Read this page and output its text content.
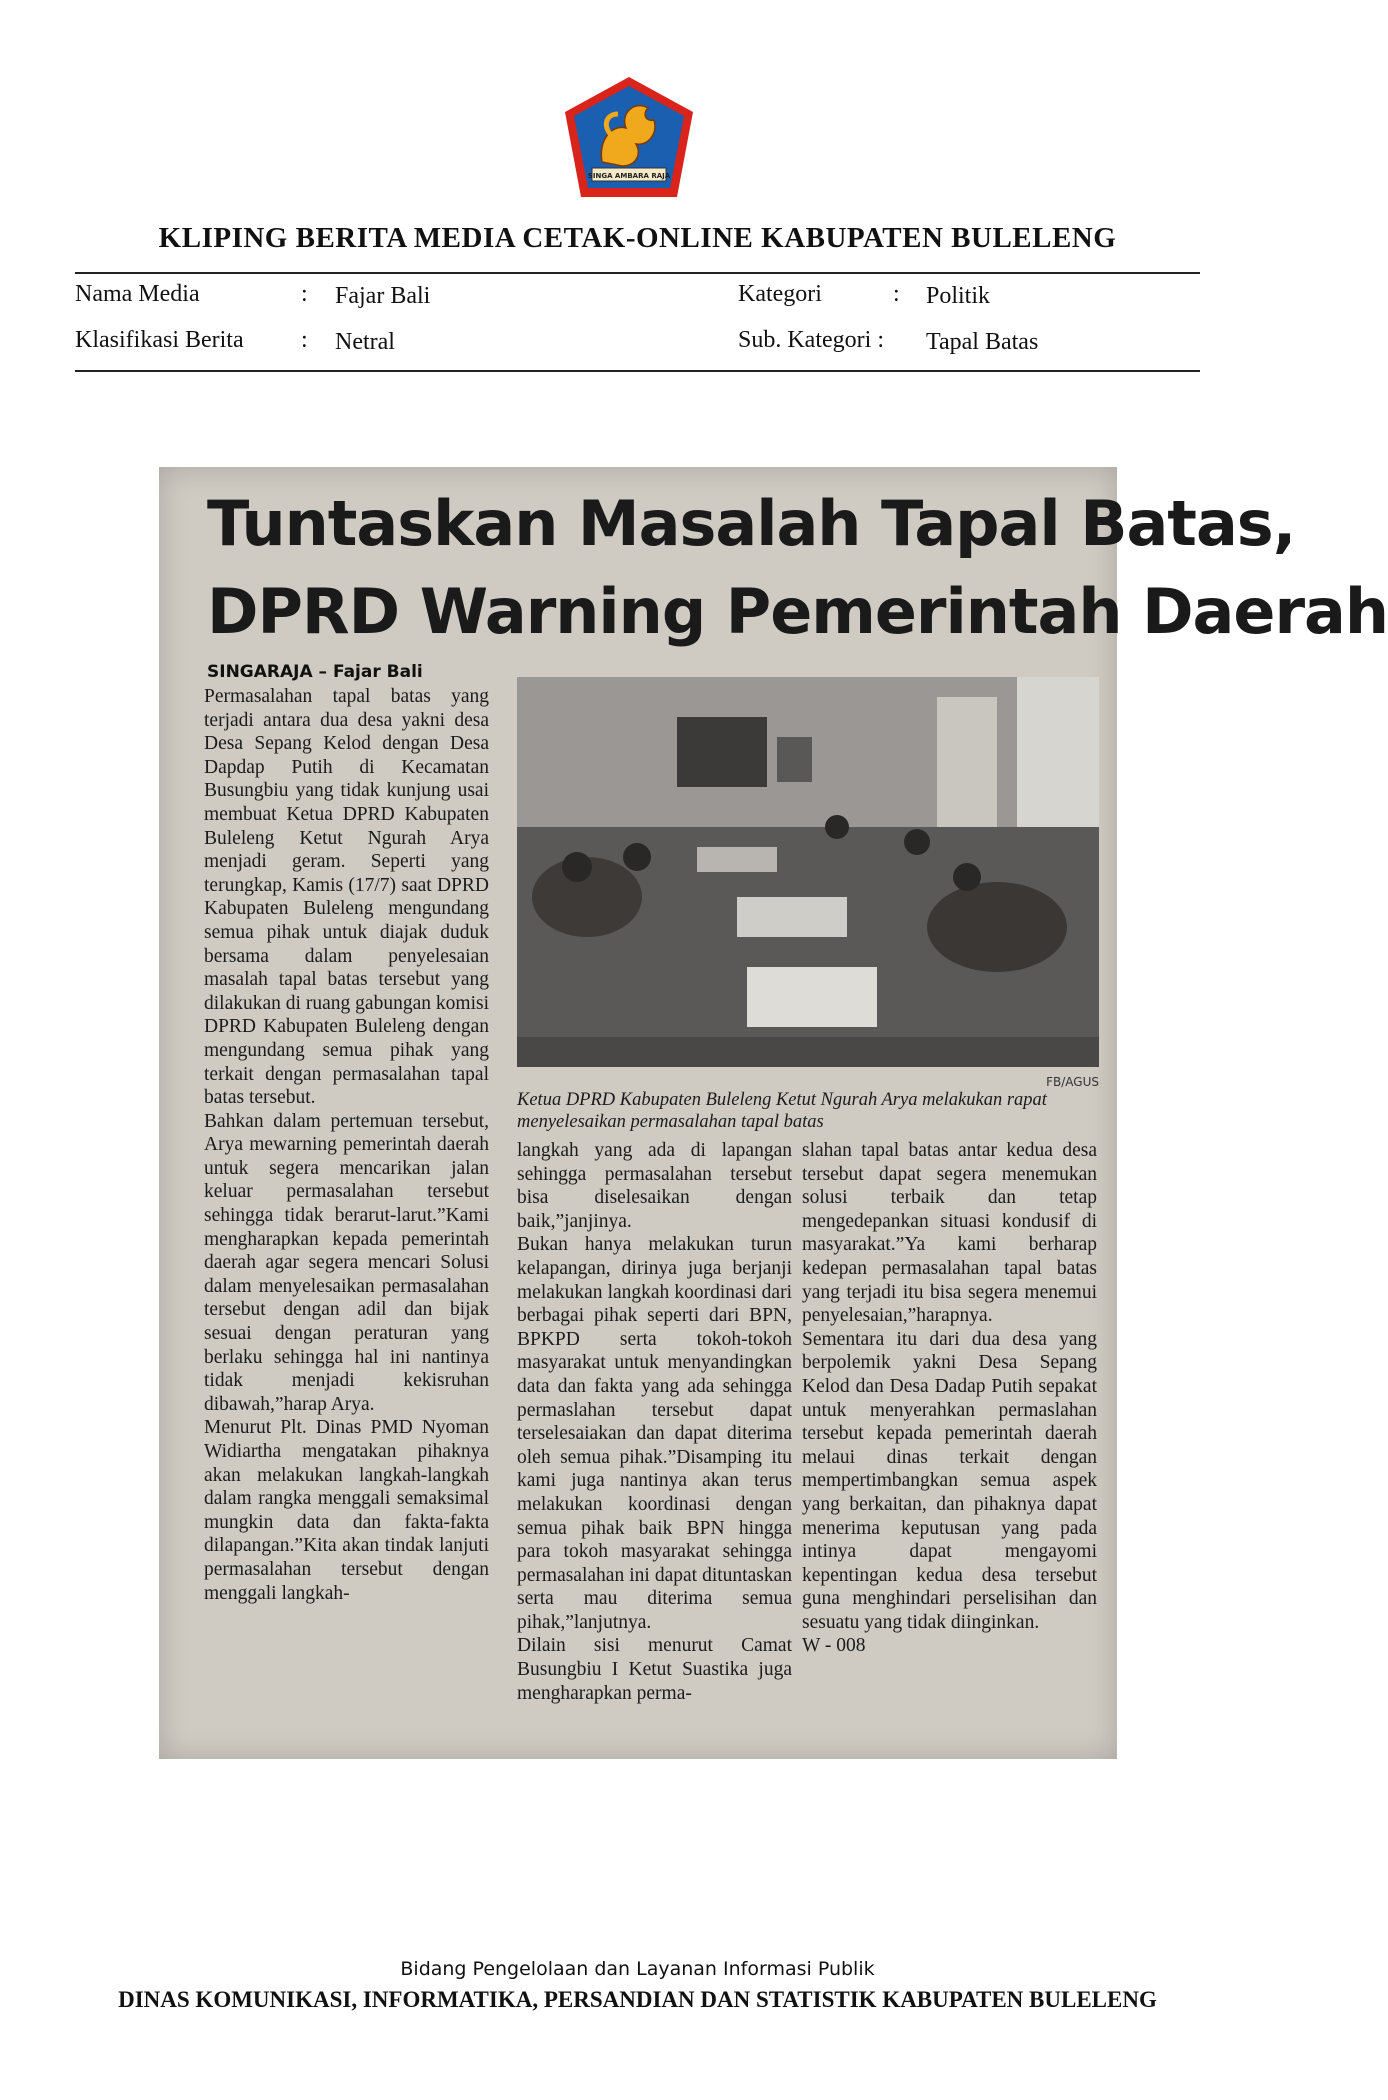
SINGA AMBARA RAJA
KLIPING BERITA MEDIA CETAK-ONLINE KABUPATEN BULELENG
Nama Media	: Fajar Bali	Kategori	: Politik
Klasifikasi Berita : Netral	Sub. Kategori : Tapal Batas
Tuntaskan Masalah Tapal Batas,
DPRD Warning Pemerintah Daerah
SINGARAJA – Fajar Bali
Permasalahan tapal batas yang terjadi antara dua desa yakni desa Desa Sepang Kelod dengan Desa Dapdap Putih di Kecamatan Busungbiu yang tidak kunjung usai membuat Ketua DPRD Kabupaten Buleleng Ketut Ngurah Arya menjadi geram. Seperti yang terungkap, Kamis (17/7) saat DPRD Kabupaten Buleleng mengundang semua pihak untuk diajak duduk bersama dalam penyelesaian masalah tapal batas tersebut yang dilakukan di ruang gabungan komisi DPRD Kabupaten Buleleng dengan mengundang semua pihak yang terkait dengan permasalahan tapal batas tersebut.
Bahkan dalam pertemuan tersebut, Arya mewarning pemerintah daerah untuk segera mencarikan jalan keluar permasalahan tersebut sehingga tidak berarut-larut.”Kami mengharapkan kepada pemerintah daerah agar segera mencari Solusi dalam menyelesaikan permasalahan tersebut dengan adil dan bijak sesuai dengan peraturan yang berlaku sehingga hal ini nantinya tidak menjadi kekisruhan dibawah,”harap Arya.
Menurut Plt. Dinas PMD Nyoman Widiartha mengatakan pihaknya akan melakukan langkah-langkah dalam rangka menggali semaksimal mungkin data dan fakta-fakta dilapangan.”Kita akan tindak lanjuti permasalahan tersebut dengan menggali langkah-
FB/AGUS
Ketua DPRD Kabupaten Buleleng Ketut Ngurah Arya melakukan rapat menyelesaikan permasalahan tapal batas
langkah yang ada di lapangan sehingga permasalahan tersebut bisa diselesaikan dengan baik,”janjinya.
Bukan hanya melakukan turun kelapangan, dirinya juga berjanji melakukan langkah koordinasi dari berbagai pihak seperti dari BPN, BPKPD serta tokoh-tokoh masyarakat untuk menyandingkan data dan fakta yang ada sehingga permaslahan tersebut dapat terselesaiakan dan dapat diterima oleh semua pihak.”Disamping itu kami juga nantinya akan terus melakukan koordinasi dengan semua pihak baik BPN hingga para tokoh masyarakat sehingga permasalahan ini dapat dituntaskan serta mau diterima semua pihak,”lanjutnya.
Dilain sisi menurut Camat Busungbiu I Ketut Suastika juga mengharapkan perma-
slahan tapal batas antar kedua desa tersebut dapat segera menemukan solusi terbaik dan tetap mengedepankan situasi kondusif di masyarakat.”Ya kami berharap kedepan permasalahan tapal batas yang terjadi itu bisa segera menemui penyelesaian,”harapnya.
Sementara itu dari dua desa yang berpolemik yakni Desa Sepang Kelod dan Desa Dadap Putih sepakat untuk menyerahkan permaslahan tersebut kepada pemerintah daerah melaui dinas terkait dengan mempertimbangkan semua aspek yang berkaitan, dan pihaknya dapat menerima keputusan yang pada intinya dapat mengayomi kepentingan kedua desa tersebut guna menghindari perselisihan dan sesuatu yang tidak diinginkan.
W - 008
Bidang Pengelolaan dan Layanan Informasi Publik
DINAS KOMUNIKASI, INFORMATIKA, PERSANDIAN DAN STATISTIK KABUPATEN BULELENG
